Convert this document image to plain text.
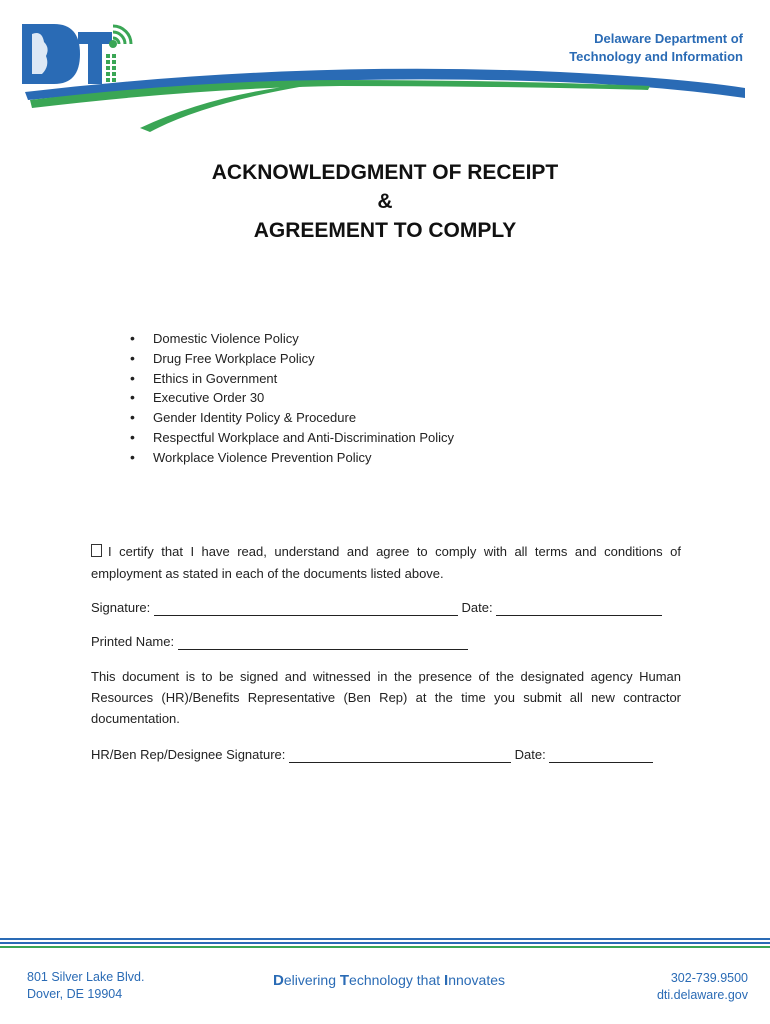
Delaware Department of
Technology and Information
ACKNOWLEDGMENT OF RECEIPT
&
AGREEMENT TO COMPLY
• Domestic Violence Policy
• Drug Free Workplace Policy
• Ethics in Government
• Executive Order 30
• Gender Identity Policy & Procedure
• Respectful Workplace and Anti-Discrimination Policy
• Workplace Violence Prevention Policy
I certify that I have read, understand and agree to comply with all terms and conditions of employment as stated in each of the documents listed above.
Signature:	Date:
Printed Name:
This document is to be signed and witnessed in the presence of the designated agency Human Resources (HR)/Benefits Representative (Ben Rep) at the time you submit all new contractor documentation.
HR/Ben Rep/Designee Signature:	Date:
801 Silver Lake Blvd.
Dover, DE 19904
Delivering Technology that Innovates	302-739.9500
dti.delaware.gov
